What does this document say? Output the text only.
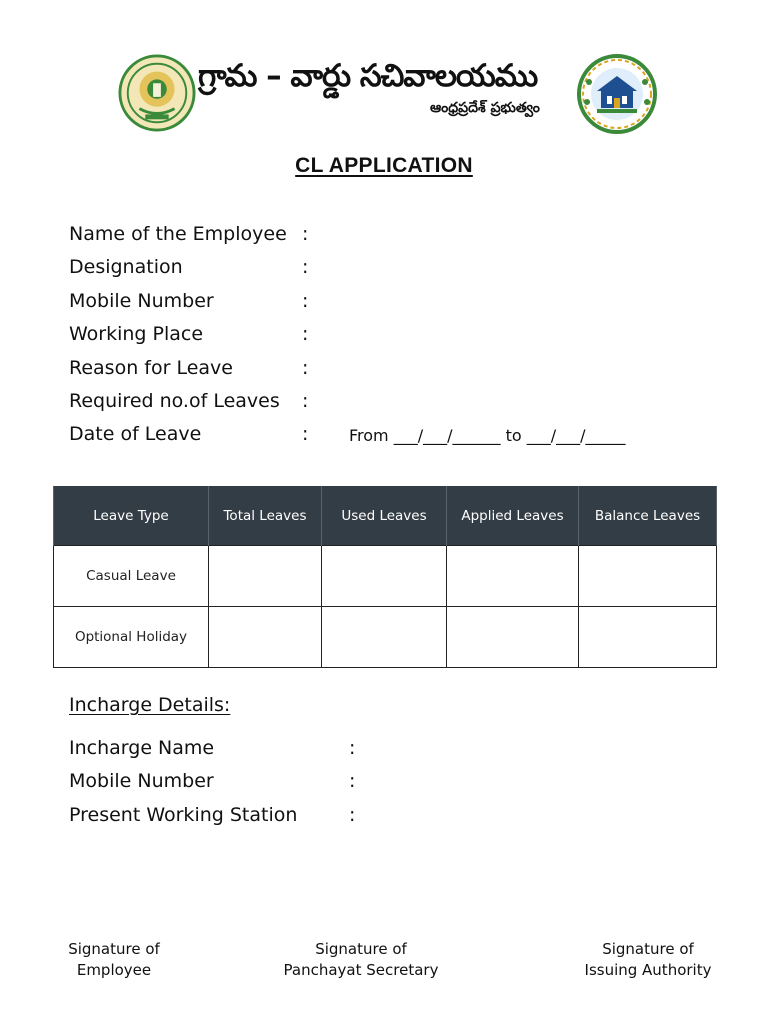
గ్రామ – వార్డు సచివాలయము
ఆంధ్రప్రదేశ్ ప్రభుత్వం
CL APPLICATION
Name of the Employee :
Designation	:
Mobile Number	:
Working Place	:
Reason for Leave	:
Required no.of Leaves :
Date of Leave	:	From ___/___/______ to ___/___/_____
Leave Type	Total Leaves	Used Leaves	Applied Leaves	Balance Leaves
Casual Leave				
Optional Holiday				
Incharge Details:
Incharge Name	:
Mobile Number	:
Present Working Station	:
Signature of
Employee
Signature of
Panchayat Secretary
Signature of
Issuing Authority
